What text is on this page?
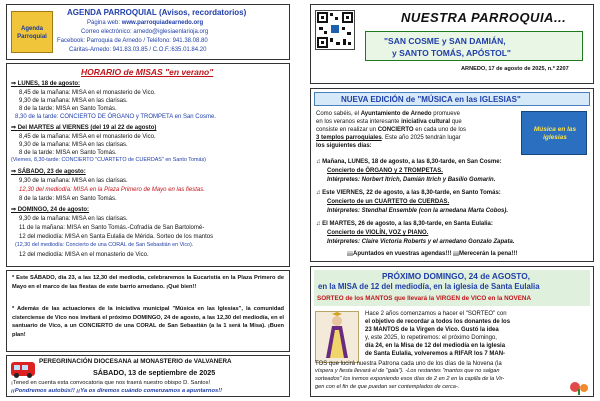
Agenda Parroquial
AGENDA PARROQUIAL (Avisos, recordatorios)
Página web: www.parroquiadearnedo.org
Correo electrónico: arnedo@iglesiaenlarioja.org
Facebook: Parroquia de Arnedo / Teléfono: 941.38.08.80
Cáritas-Arnedo: 941.83.03.85 / C.O.F.:635.01.84.20
HORARIO de MISAS "en verano"
⇒ LUNES, 18 de agosto:
8,45 de la mañana: MISA en el monasterio de Vico.
9,30 de la mañana: MISA en las clarisas.
8 de la tarde: MISA en Santo Tomás.
8,30 de la tarde: CONCIERTO DE ÓRGANO y TROMPETA en San Cosme.
⇒ Del MARTES al VIERNES (del 19 al 22 de agosto)
8,45 de la mañana: MISA en el monasterio de Vico.
9,30 de la mañana: MISA en las clarisas.
8 de la tarde: MISA en Santo Tomás.
(Viernes, 8,30-tarde: CONCIERTO "CUARTETO de CUERDAS" en Santo Tomás)
⇒ SÁBADO, 23 de agosto:
9,30 de la mañana: MISA en las clarisas.
12,30 del mediodía: MISA en la Plaza Primero de Mayo en las fiestas.
8 de la tarde: MISA en Santo Tomás.
⇒ DOMINGO, 24 de agosto:
9,30 de la mañana: MISA en las clarisas.
11 de la mañana: MISA en Santo Tomás.-Cofradía de San Bartolomé-
12 del mediodía: MISA en Santa Eulalia de Mérida. Sorteo de los mantos
(12,30 del mediodía: Concierto de una CORAL de San Sebastián en Vico).
12 del mediodía: MISA en el monasterio de Vico.
* Este SÁBADO, día 23, a las 12,30 del mediodía, celebraremos la Eucaristía en la Plaza Primero de Mayo en el marco de las fiestas de este barrio arnedano. ¡Qué bien!!
* Además de las actuaciones de la iniciativa municipal "Música en las Iglesias", la comunidad cisterciense de Vico nos invitará el próximo DOMINGO, 24 de agosto, a las 12,30 del mediodía, en el santuario de Vico, a un CONCIERTO de una CORAL de San Sebastián (a la 1 será la Misa). ¡Buen plan!
PEREGRINACIÓN DIOCESANA al MONASTERIO de VALVANERA
SÁBADO, 13 de septiembre de 2025
¡Tened en cuenta esta convocatoria que nos traerá nuestro obispo D. Santos!
¡¡Pondremos autobús!! ¡¡Ya os diremos cuándo comenzamos a apuntarnos!!
NUESTRA PARROQUIA...
"SAN COSME y SAN DAMIÁN,
y SANTO TOMÁS, APÓSTOL"
ARNEDO, 17 de agosto de 2025, n.º 2207
NUEVA EDICIÓN de "MÚSICA en las IGLESIAS"
Como sabéis, el Ayuntamiento de Arnedo promueve
en los veranos esta interesante iniciativa cultural que
consiste en realizar un CONCIERTO en cada uno de los
3 templos parroquiales. Este año 2025 tendrán lugar
los siguientes días:
Música en las iglesias
♫ Mañana, LUNES, 18 de agosto, a las 8,30-tarde, en San Cosme:
Concierto de ÓRGANO y 2 TROMPETAS.
Intérpretes: Norbert Itrich, Damián Itrich y Basilio Gomarín.
♫ Este VIERNES, 22 de agosto, a las 8,30-tarde, en Santo Tomás:
Concierto de un CUARTETO de CUERDAS.
Intérpretes: Stendhal Ensemble (con la arnedana Marta Cobos).
♫ El MARTES, 26 de agosto, a las 8,30-tarde, en Santa Eulalia:
Concierto de VIOLÍN, VOZ y PIANO.
Intérpretes: Claire Victoria Roberts y el arnedano Gonzalo Zapata.
¡¡¡Apuntados en vuestras agendas!!! ¡¡¡Merecerán la pena!!!
PRÓXIMO DOMINGO, 24 de AGOSTO,
en la MISA de 12 del mediodía, en la iglesia de Santa Eulalia
SORTEO de los MANTOS que llevará la VIRGEN de VICO en la NOVENA
Hace 2 años comenzamos a hacer el "SORTEO" con
el objetivo de recordar a todos los donantes de los
23 MANTOS de la Virgen de Vico. Gustó la idea
y, este 2025, lo repetiremos: el próximo Domingo,
día 24, en la Misa de 12 del mediodía en la iglesia
de Santa Eulalia, volveremos a RIFAR los 7 MAN-
TOS que lucirá nuestra Patrona cada uno de los días de la Novena (la
víspera y fiesta llevará el de "gala"). -Los restantes "mantos que no salgan
sorteados" los iremos exponiendo esos días de 2 en 2 en la capilla de la Vir-
gen con el fin de que puedan ser contemplados de cerca-.
